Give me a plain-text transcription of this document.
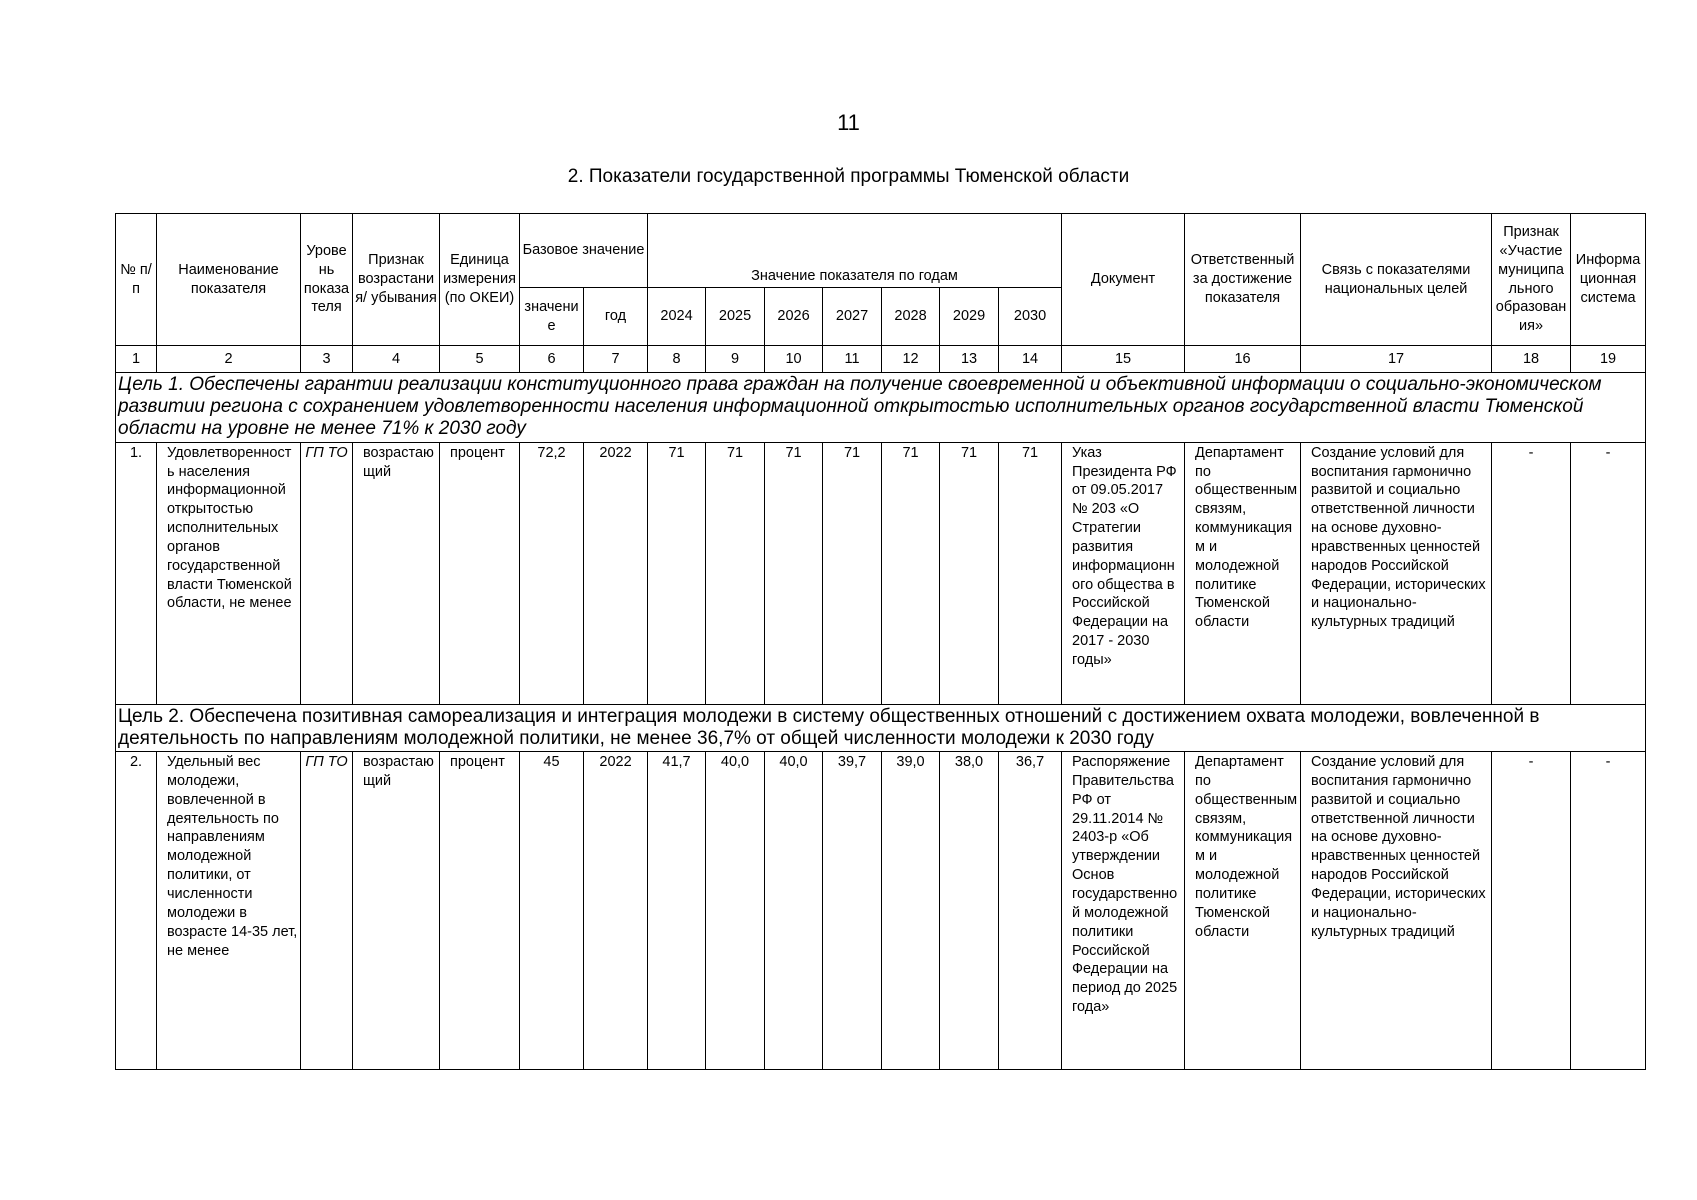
11
2. Показатели государственной программы Тюменской области
№ п/п	Наименование показателя	Уровень показателя	Признак возрастания/ убывания	Единица измерения (по ОКЕИ)	Базовое значение		Значение показателя по годам							Документ	Ответственный за достижение показателя	Связь с показателями национальных целей	Признак «Участие муниципального образования»	Информационная система
					значение	год	2024	2025	2026	2027	2028	2029	2030					
1	2	3	4	5	6	7	8	9	10	11	12	13	14	15	16	17	18	19
Цель 1. Обеспечены гарантии реализации конституционного права граждан на получение своевременной и объективной информации о социально-экономическом развитии региона с сохранением удовлетворенности населения информационной открытостью исполнительных органов государственной власти Тюменской области на уровне не менее 71% к 2030 году																		
1.	Удовлетворенность населения информационной открытостью исполнительных органов государственной власти Тюменской области, не менее	ГП ТО	возрастающий	процент	72,2	2022	71	71	71	71	71	71	71	Указ Президента РФ от 09.05.2017 № 203 «О Стратегии развития информационного общества в Российской Федерации на 2017 - 2030 годы»	Департамент по общественным связям, коммуникациям и молодежной политике Тюменской области	Создание условий для воспитания гармонично развитой и социально ответственной личности на основе духовно-нравственных ценностей народов Российской Федерации, исторических и национально-культурных традиций	-	-
Цель 2. Обеспечена позитивная самореализация и интеграция молодежи в систему общественных отношений с достижением охвата молодежи, вовлеченной в деятельность по направлениям молодежной политики, не менее 36,7% от общей численности молодежи к 2030 году																		
2.	Удельный вес молодежи, вовлеченной в деятельность по направлениям молодежной политики, от численности молодежи в возрасте 14-35 лет, не менее	ГП ТО	возрастающий	процент	45	2022	41,7	40,0	40,0	39,7	39,0	38,0	36,7	Распоряжение Правительства РФ от 29.11.2014 № 2403-р «Об утверждении Основ государственной молодежной политики Российской Федерации на период до 2025 года»	Департамент по общественным связям, коммуникациям и молодежной политике Тюменской области	Создание условий для воспитания гармонично развитой и социально ответственной личности на основе духовно-нравственных ценностей народов Российской Федерации, исторических и национально-культурных традиций	-	-
